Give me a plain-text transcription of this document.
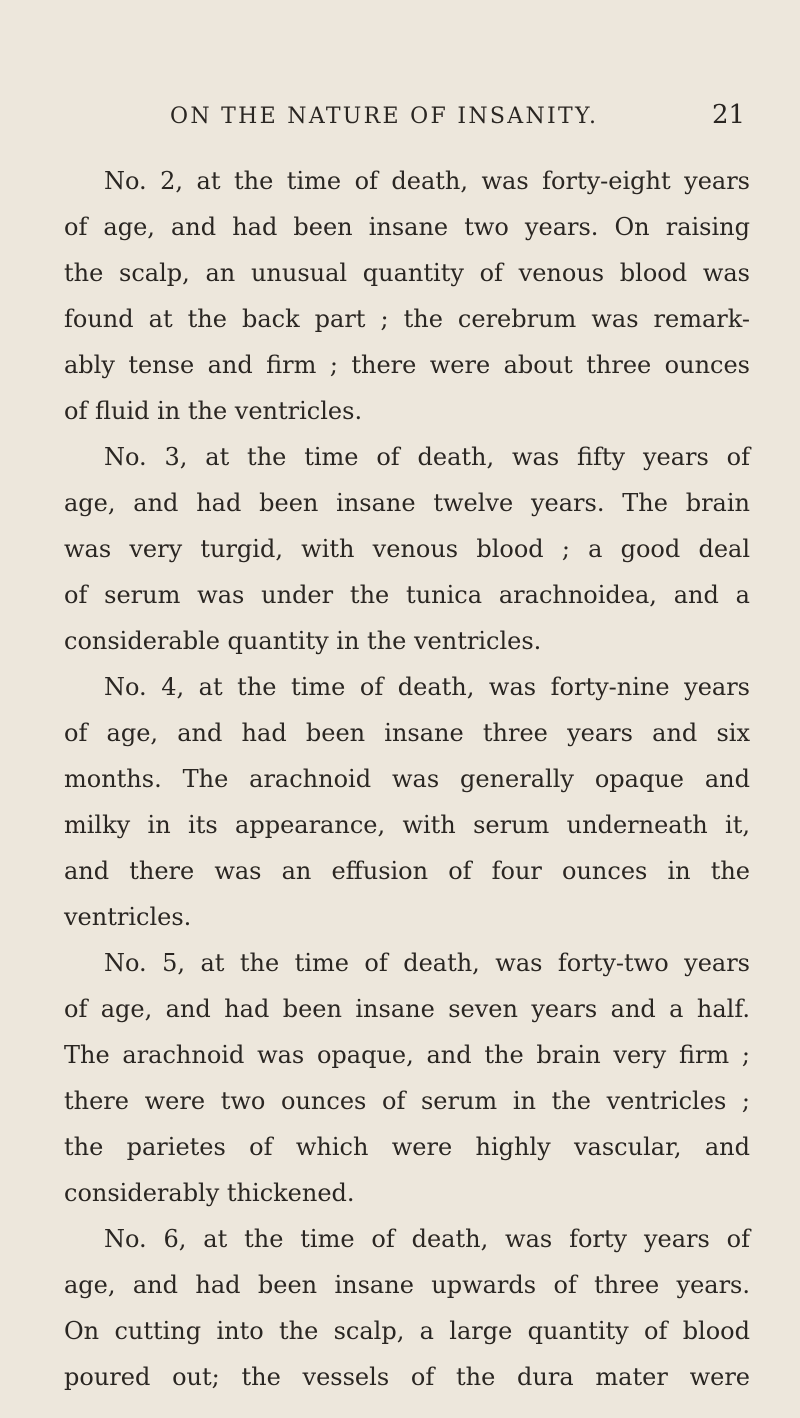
ON THE NATURE OF INSANITY.	21
No. 2, at the time of death, was forty-eight years
of age, and had been insane two years. On raising
the scalp, an unusual quantity of venous blood was
found at the back part ; the cerebrum was remark-
ably tense and firm ; there were about three ounces
of fluid in the ventricles.
No. 3, at the time of death, was fifty years of
age, and had been insane twelve years. The brain
was very turgid, with venous blood ; a good deal
of serum was under the tunica arachnoidea, and a
considerable quantity in the ventricles.
No. 4, at the time of death, was forty-nine years
of age, and had been insane three years and six
months. The arachnoid was generally opaque and
milky in its appearance, with serum underneath it,
and there was an effusion of four ounces in the
ventricles.
No. 5, at the time of death, was forty-two years
of age, and had been insane seven years and a half.
The arachnoid was opaque, and the brain very firm ;
there were two ounces of serum in the ventricles ;
the parietes of which were highly vascular, and
considerably thickened.
No. 6, at the time of death, was forty years of
age, and had been insane upwards of three years.
On cutting into the scalp, a large quantity of blood
poured out; the vessels of the dura mater were
